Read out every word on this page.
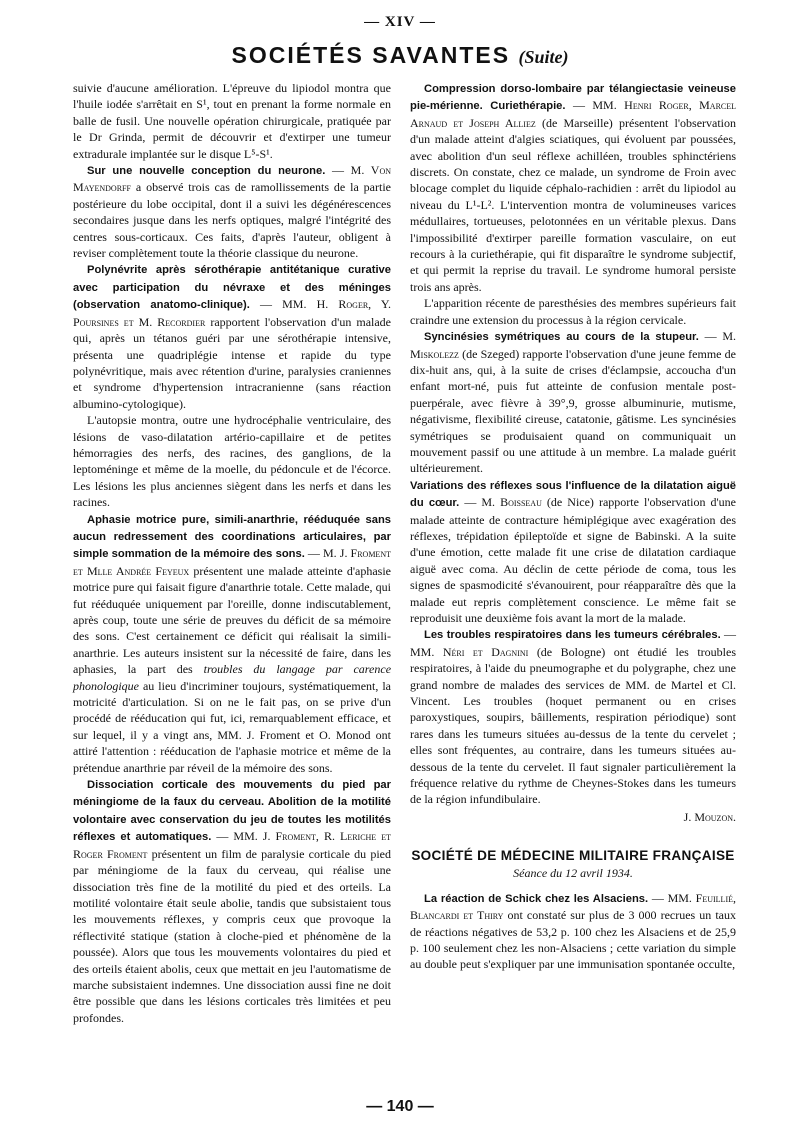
— XIV —
SOCIÉTÉS SAVANTES (Suite)

suivie d'aucune amélioration. L'épreuve du lipiodol montra que l'huile iodée s'arrêtait en S¹, tout en prenant la forme normale en balle de fusil. Une nouvelle opération chirurgicale, pratiquée par le Dr Grinda, permit de découvrir et d'extirper une tumeur extradurale implantée sur le disque L⁵-S¹.

Sur une nouvelle conception du neurone. — M. Von Mayendorff a observé trois cas de ramollissements de la partie postérieure du lobe occipital, dont il a suivi les dégénérescences secondaires jusque dans les nerfs optiques, malgré l'intégrité des centres sous-corticaux. Ces faits, d'après l'auteur, obligent à reviser complètement toute la théorie classique du neurone.

Polynévrite après sérothérapie antitétanique curative avec participation du névraxe et des méninges (observation anatomo-clinique). — MM. H. Roger, Y. Poursines et M. Recordier rapportent l'observation d'un malade qui, après un tétanos guéri par une sérothérapie intensive, présenta une quadriplégie intense et rapide du type polynévritique, mais avec rétention d'urine, paralysies craniennes et syndrome d'hypertension intracranienne (sans réaction albumino-cytologique).

L'autopsie montra, outre une hydrocéphalie ventriculaire, des lésions de vaso-dilatation artério-capillaire et de petites hémorragies des nerfs, des racines, des ganglions, de la leptoméninge et même de la moelle, du pédoncule et de l'écorce. Les lésions les plus anciennes siègent dans les nerfs et dans les racines.

Aphasie motrice pure, simili-anarthrie, rééduquée sans aucun redressement des coordinations articulaires, par simple sommation de la mémoire des sons. — M. J. Froment et Mlle Andrée Feyeux présentent une malade atteinte d'aphasie motrice pure qui faisait figure d'anarthrie totale. Cette malade, qui fut rééduquée uniquement par l'oreille, donne indiscutablement, après coup, toute une série de preuves du déficit de sa mémoire des sons. C'est certainement ce déficit qui réalisait la simili-anarthrie. Les auteurs insistent sur la nécessité de faire, dans les aphasies, la part des troubles du langage par carence phonologique au lieu d'incriminer toujours, systématiquement, la motricité d'articulation. Si on ne le fait pas, on se prive d'un procédé de rééducation qui fut, ici, remarquablement efficace, et sur lequel, il y a vingt ans, MM. J. Froment et O. Monod ont attiré l'attention : rééducation de l'aphasie motrice et même de la prétendue anarthrie par réveil de la mémoire des sons.

Dissociation corticale des mouvements du pied par méningiome de la faux du cerveau. Abolition de la motilité volontaire avec conservation du jeu de toutes les motilités réflexes et automatiques. — MM. J. Froment, R. Leriche et Roger Froment présentent un film de paralysie corticale du pied par méningiome de la faux du cerveau, qui réalise une dissociation très fine de la motilité du pied et des orteils. La motilité volontaire était seule abolie, tandis que subsistaient tous les mouvements réflexes, y compris ceux que provoque la réflectivité statique (station à cloche-pied et phénomène de la poussée). Alors que tous les mouvements volontaires du pied et des orteils étaient abolis, ceux que mettait en jeu l'automatisme de marche subsistaient indemnes. Une dissociation aussi fine ne doit être possible que dans les lésions corticales très limitées et peu profondes.

Compression dorso-lombaire par télangiectasie veineuse pie-mérienne. Curiethérapie. — MM. Henri Roger, Marcel Arnaud et Joseph Alliez (de Marseille) présentent l'observation d'un malade atteint d'algies sciatiques, qui évoluent par poussées, avec abolition d'un seul réflexe achilléen, troubles sphinctériens discrets. On constate, chez ce malade, un syndrome de Froin avec blocage complet du liquide céphalo-rachidien : arrêt du lipiodol au niveau du L¹-L². L'intervention montra de volumineuses varices médullaires, tortueuses, pelotonnées en un véritable plexus. Dans l'impossibilité d'extirper pareille formation vasculaire, on eut recours à la curiethérapie, qui fit disparaître le syndrome subjectif, et qui permit la reprise du travail. Le syndrome humoral persiste trois ans après.

L'apparition récente de paresthésies des membres supérieurs fait craindre une extension du processus à la région cervicale.

Syncinésies symétriques au cours de la stupeur. — M. Miskolezz (de Szeged) rapporte l'observation d'une jeune femme de dix-huit ans, qui, à la suite de crises d'éclampsie, accoucha d'un enfant mort-né, puis fut atteinte de confusion mentale post-puerpérale, avec fièvre à 39°,9, grosse albuminurie, mutisme, négativisme, flexibilité cireuse, catatonie, gâtisme. Les syncinésies symétriques se produisaient quand on communiquait un mouvement passif ou une attitude à un membre. La malade guérit ultérieurement.

Variations des réflexes sous l'influence de la dilatation aiguë du cœur. — M. Boisseau (de Nice) rapporte l'observation d'une malade atteinte de contracture hémiplégique avec exagération des réflexes, trépidation épileptoïde et signe de Babinski. A la suite d'une émotion, cette malade fit une crise de dilatation cardiaque aiguë avec coma. Au déclin de cette période de coma, tous les signes de spasmodicité s'évanouirent, pour réapparaître dès que la malade eut repris complètement conscience. Le même fait se reproduisit une deuxième fois avant la mort de la malade.

Les troubles respiratoires dans les tumeurs cérébrales. — MM. Néri et Dagnini (de Bologne) ont étudié les troubles respiratoires, à l'aide du pneumographe et du polygraphe, chez une grand nombre de malades des services de MM. de Martel et Cl. Vincent. Les troubles (hoquet permanent ou en crises paroxystiques, soupirs, bâillements, respiration périodique) sont rares dans les tumeurs situées au-dessus de la tente du cervelet ; elles sont fréquentes, au contraire, dans les tumeurs situées au-dessous de la tente du cervelet. Il faut signaler particulièrement la fréquence relative du rythme de Cheynes-Stokes dans les tumeurs de la région infundibulaire.

J. Mouzon.

SOCIÉTÉ DE MÉDECINE MILITAIRE FRANÇAISE
Séance du 12 avril 1934.

La réaction de Schick chez les Alsaciens. — MM. Feuillié, Blancardi et Thiry ont constaté sur plus de 3 000 recrues un taux de réactions négatives de 53,2 p. 100 chez les Alsaciens et de 25,9 p. 100 seulement chez les non-Alsaciens ; cette variation du simple au double peut s'expliquer par une immunisation spontanée occulte,

— 140 —
